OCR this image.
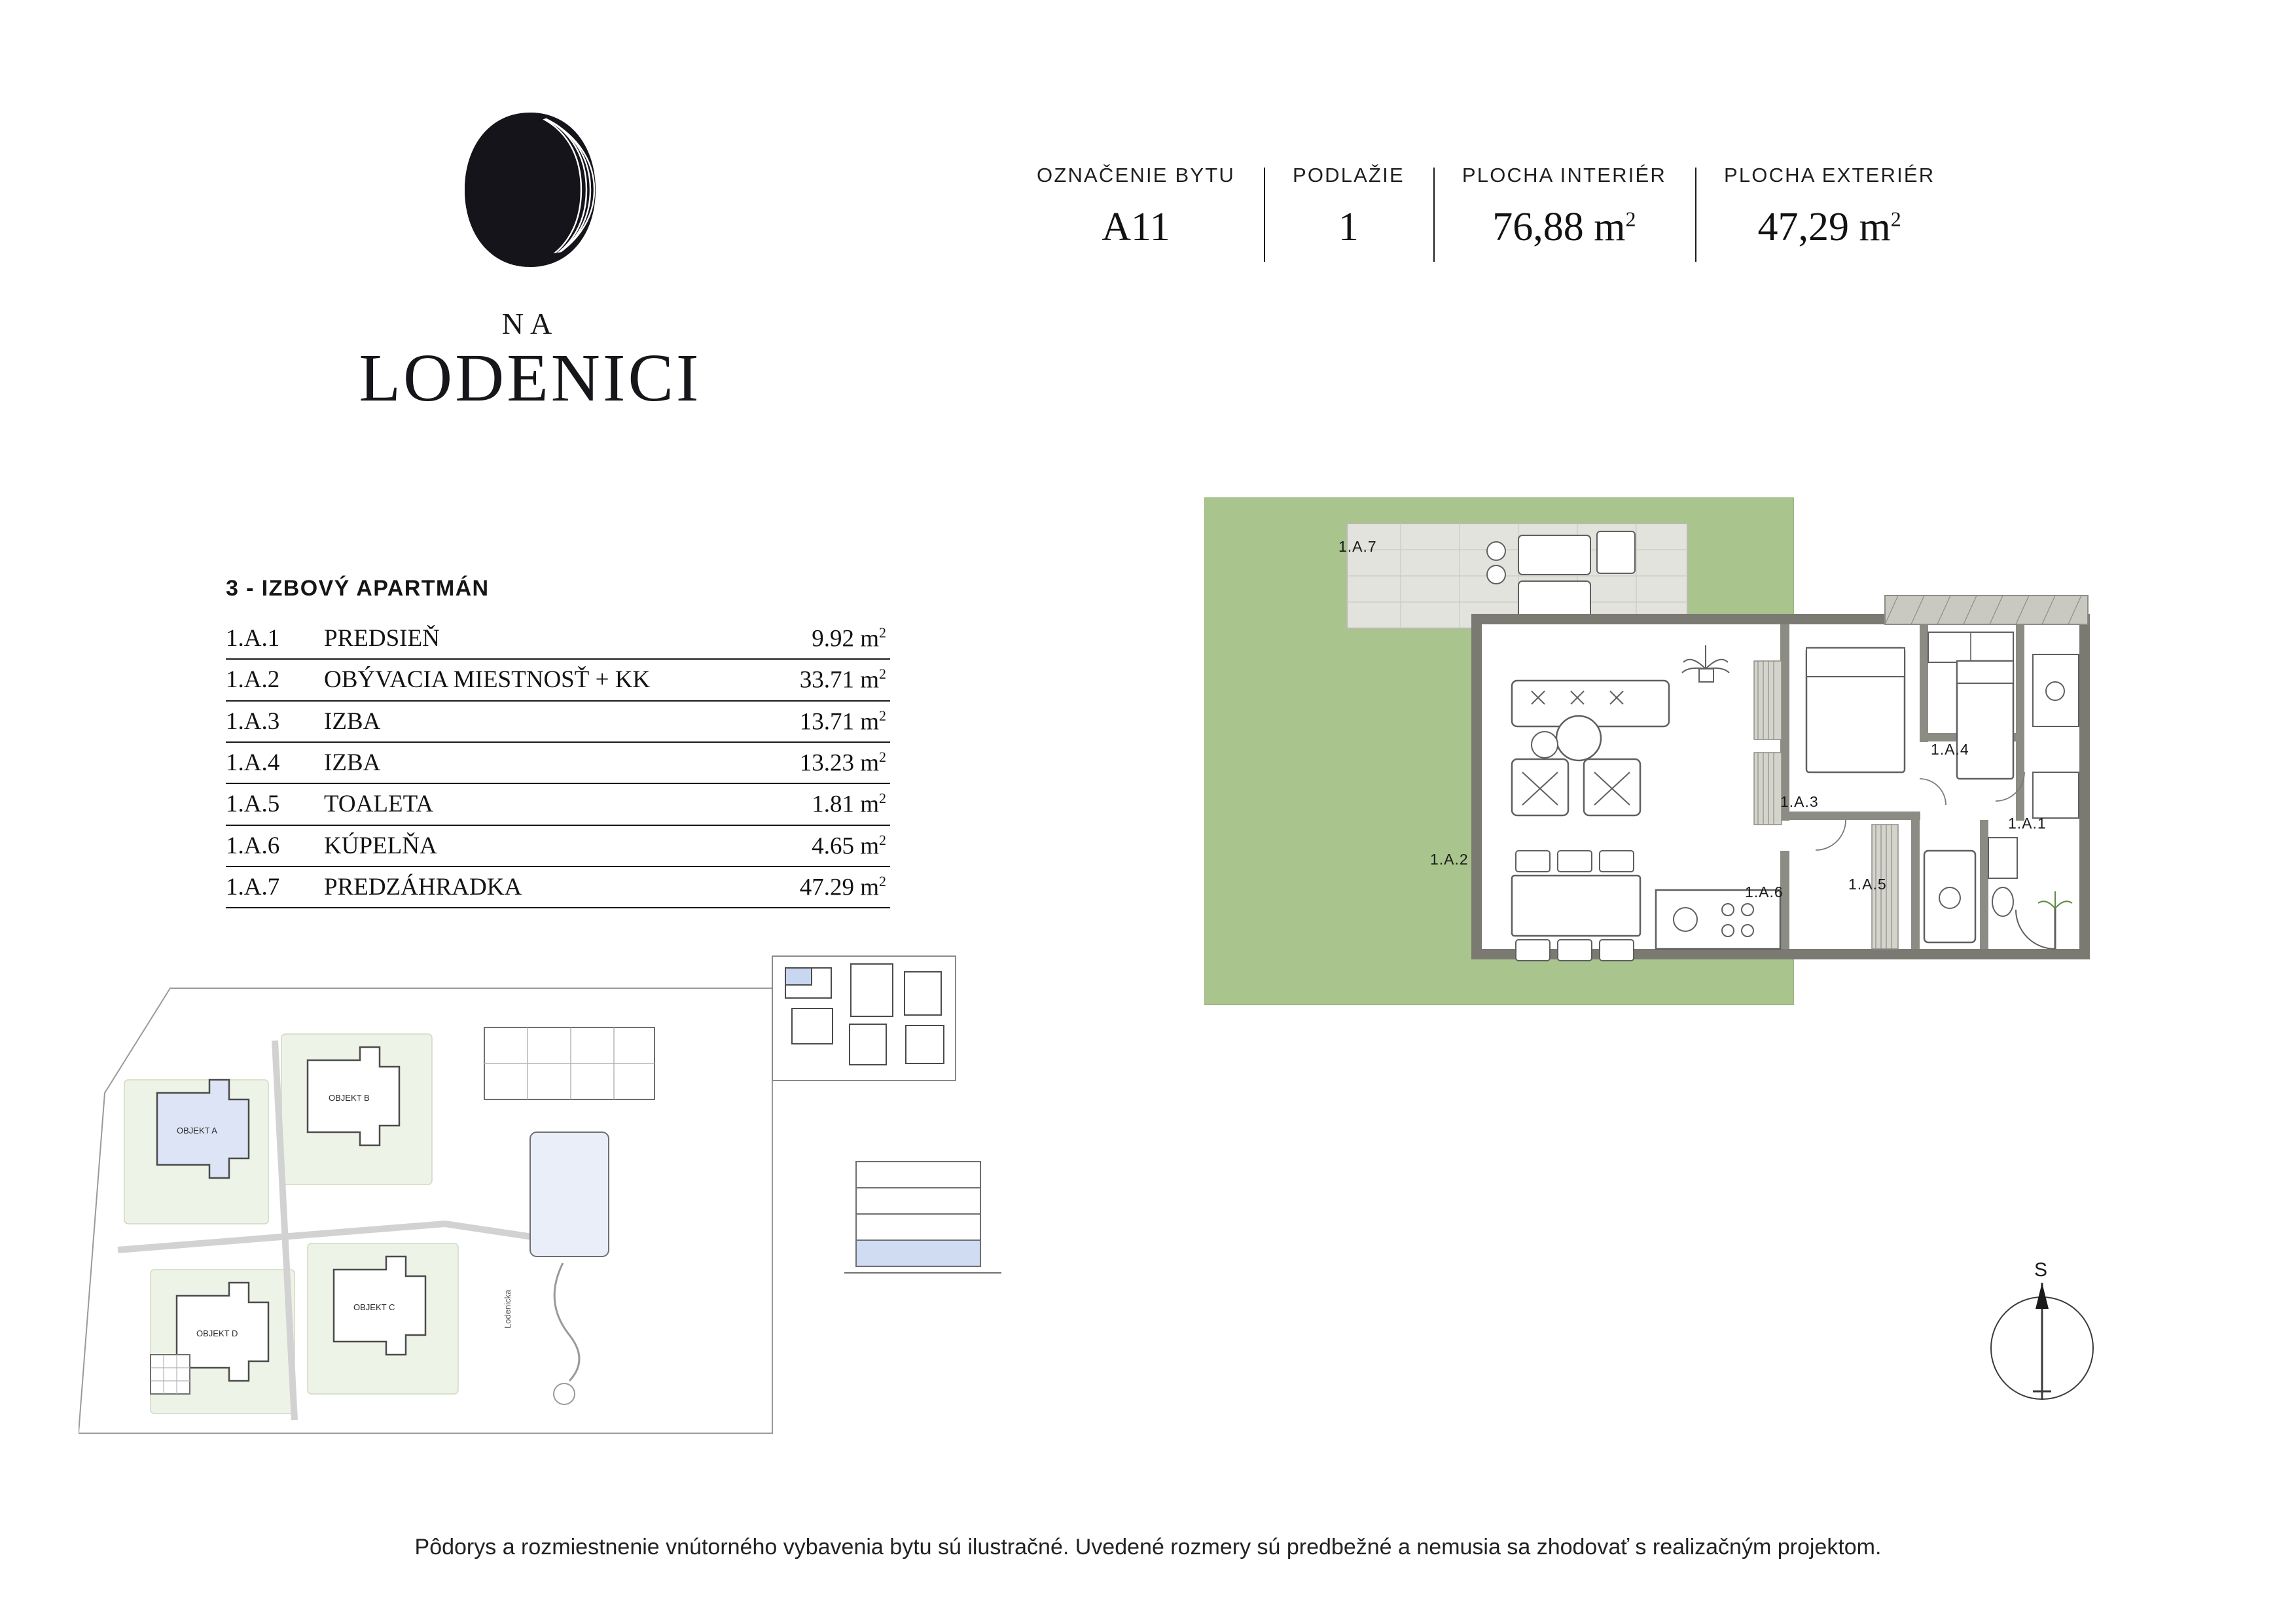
NA
LODENICI
OZNAČENIE BYTU
A11
PODLAŽIE
1
PLOCHA INTERIÉR
76,88 $m^2$
PLOCHA EXTERIÉR
47,29 $m^2$
3 - IZBOVÝ APARTMÁN
1.A.1	PREDSIEŇ	9.92 $m^2$
1.A.2	OBÝVACIA MIESTNOSŤ + KK	33.71 $m^2$
1.A.3	IZBA	13.71 $m^2$
1.A.4	IZBA	13.23 $m^2$
1.A.5	TOALETA	1.81 $m^2$
1.A.6	KÚPELŇA	4.65 $m^2$
1.A.7	PREDZÁHRADKA	47.29 $m^2$
1.A.7
1.A.4
1.A.3
1.A.1
1.A.2
1.A.6	1.A.5
OBJEKT A
OBJEKT B
OBJEKT C
OBJEKT D
Lodenicka
S
Pôdorys a rozmiestnenie vnútorného vybavenia bytu sú ilustračné. Uvedené rozmery sú predbežné a nemusia sa zhodovať s realizačným projektom.
